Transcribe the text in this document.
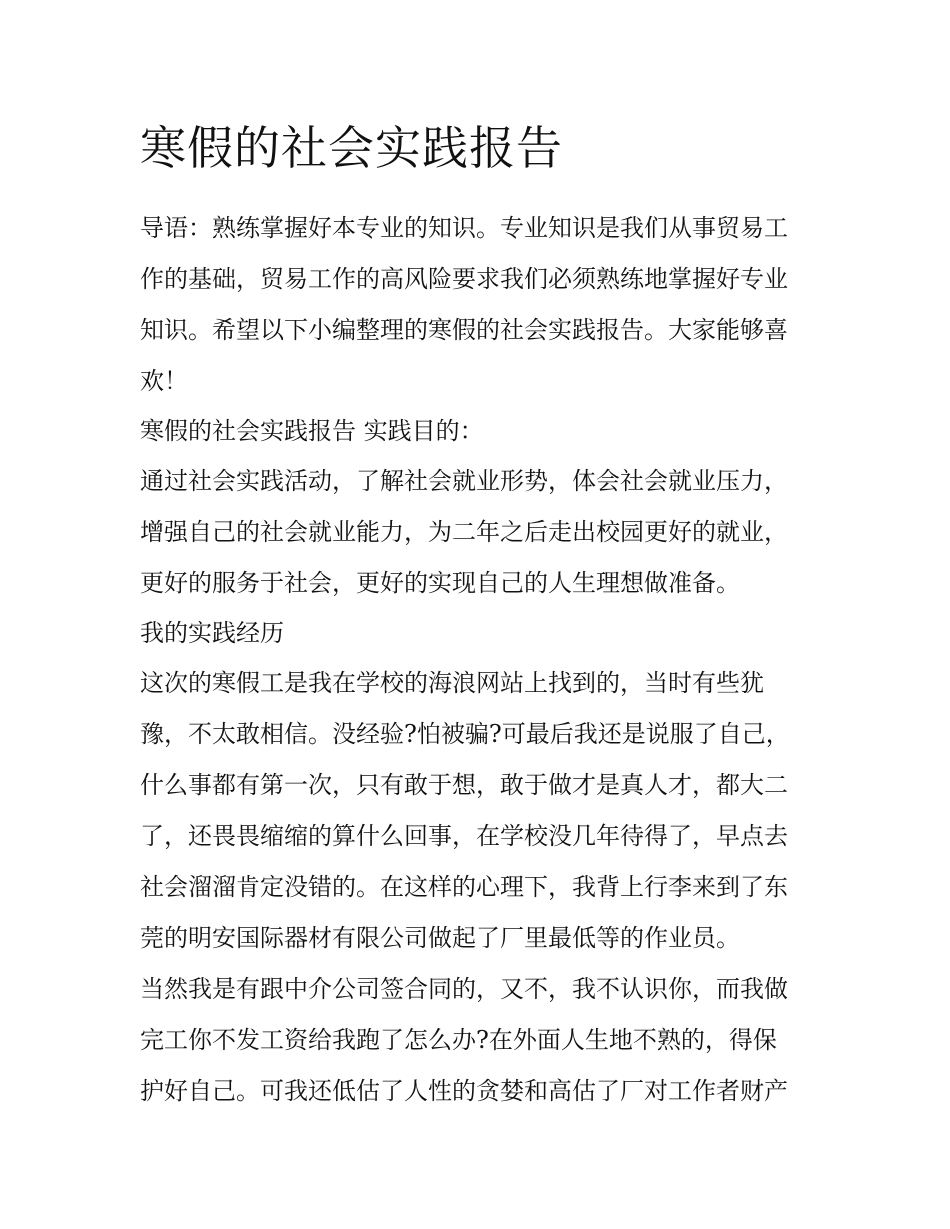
寒假的社会实践报告
导语：熟练掌握好本专业的知识。专业知识是我们从事贸易工
作的基础，贸易工作的高风险要求我们必须熟练地掌握好专业
知识。希望以下小编整理的寒假的社会实践报告。大家能够喜
欢！
寒假的社会实践报告 实践目的：
通过社会实践活动，了解社会就业形势，体会社会就业压力，
增强自己的社会就业能力，为二年之后走出校园更好的就业，
更好的服务于社会，更好的实现自己的人生理想做准备。
我的实践经历
这次的寒假工是我在学校的海浪网站上找到的，当时有些犹
豫，不太敢相信。没经验?怕被骗?可最后我还是说服了自己，
什么事都有第一次，只有敢于想，敢于做才是真人才，都大二
了，还畏畏缩缩的算什么回事，在学校没几年待得了，早点去
社会溜溜肯定没错的。在这样的心理下，我背上行李来到了东
莞的明安国际器材有限公司做起了厂里最低等的作业员。
当然我是有跟中介公司签合同的，又不，我不认识你，而我做
完工你不发工资给我跑了怎么办?在外面人生地不熟的，得保
护好自己。可我还低估了人性的贪婪和高估了厂对工作者财产
